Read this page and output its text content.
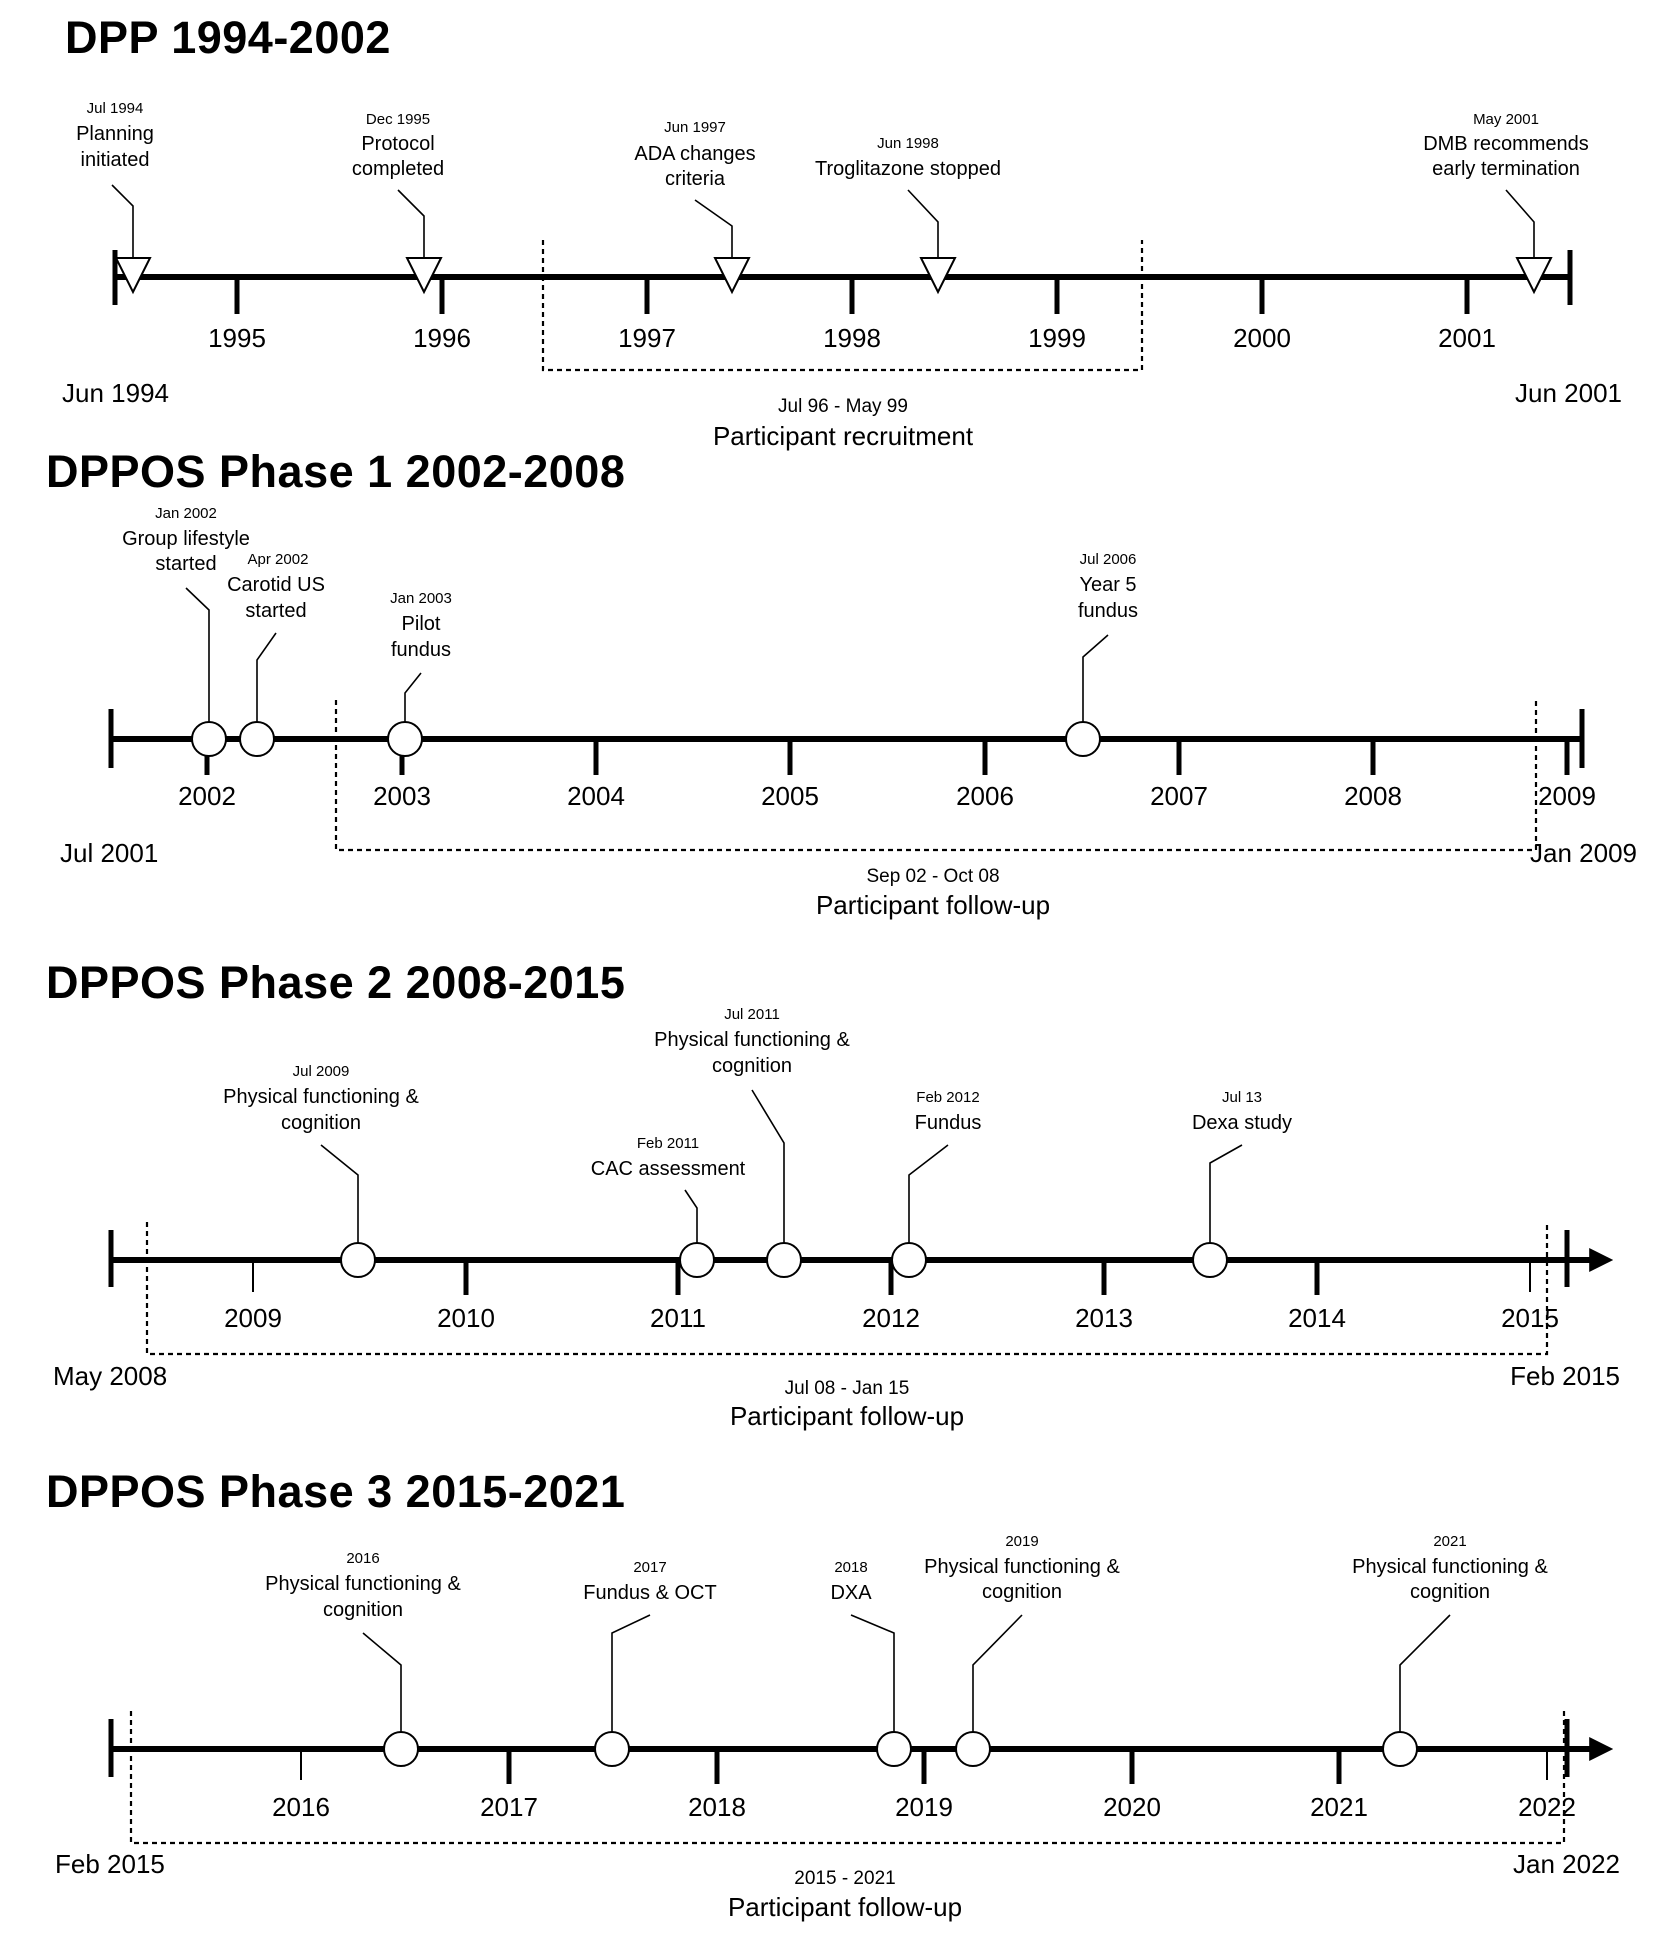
DPP 1994-2002
1995	1996	1997	1998	1999	2000	2001
Jun 1994	Jun 2001
Jul 96 - May 99
Participant recruitment
Jul 1994
Planning
initiated
Dec 1995
Protocol
completed
Jun 1997
ADA changes
criteria
Jun 1998
Troglitazone stopped
May 2001
DMB recommends
early termination
DPPOS Phase 1 2002-2008
2002	2003	2004	2005	2006	2007	2008	2009
Jul 2001	Jan 2009
Sep 02 - Oct 08
Participant follow-up
Jan 2002
Group lifestyle
started Apr 2002
Carotid US
started
Jan 2003
Pilot
fundus
Jul 2006
Year 5
fundus
DPPOS Phase 2 2008-2015
2009	2010	2011	2012	2013	2014	2015
May 2008	Feb 2015
Jul 08 - Jan 15
Participant follow-up
Jul 2009
Physical functioning &
cognition
Feb 2011
CAC assessment
Jul 2011
Physical functioning &
cognition
Feb 2012
Fundus
Jul 13
Dexa study
DPPOS Phase 3 2015-2021
2016	2017	2018	2019	2020	2021	2022
Feb 2015	Jan 2022
2015 - 2021
Participant follow-up
2016
Physical functioning &
cognition
2017
Fundus & OCT
2018
DXA
2019
Physical functioning &
cognition
2021
Physical functioning &
cognition
